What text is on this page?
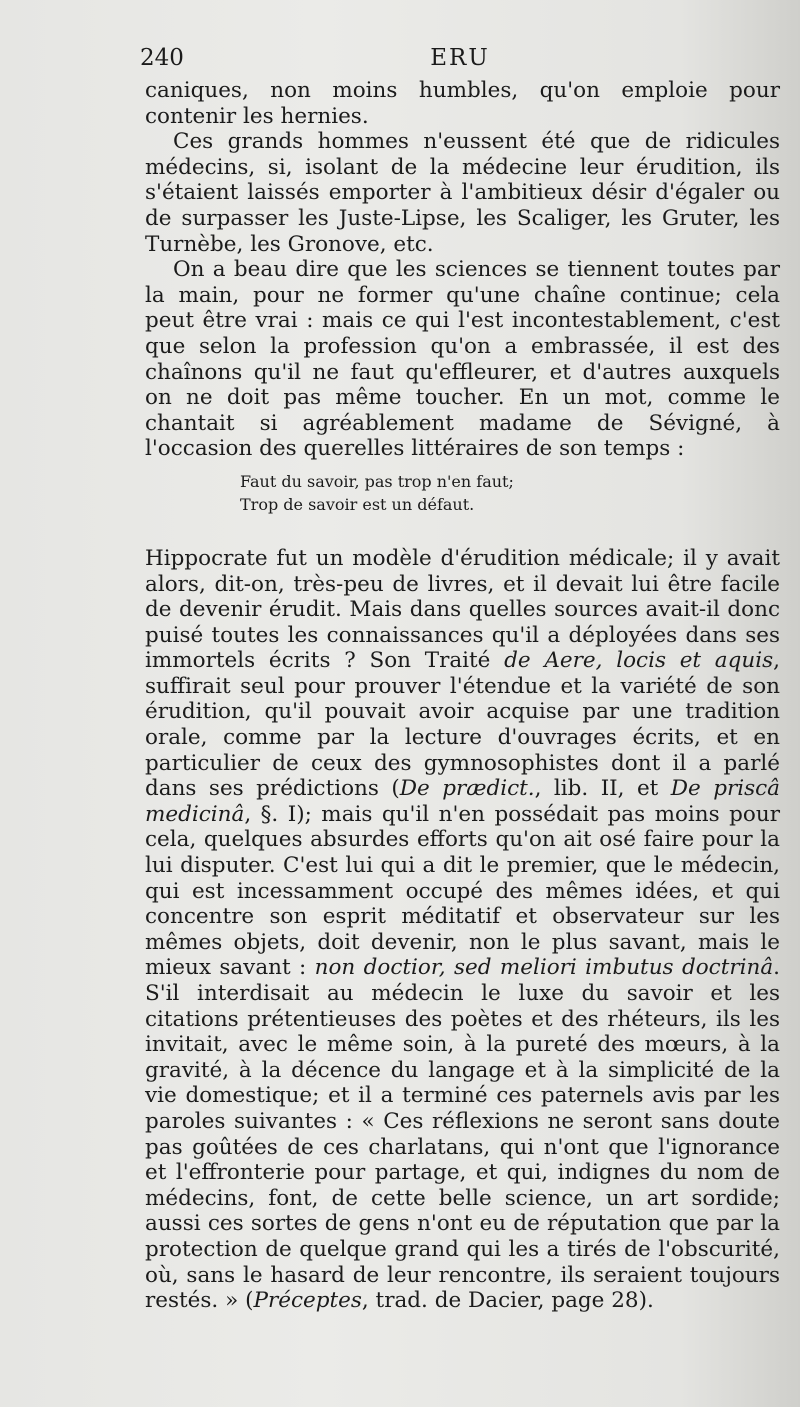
240	ERU

caniques, non moins humbles, qu'on emploie pour contenir les hernies.

Ces grands hommes n'eussent été que de ridicules médecins, si, isolant de la médecine leur érudition, ils s'étaient laissés emporter à l'ambitieux désir d'égaler ou de surpasser les Juste-Lipse, les Scaliger, les Gruter, les Turnèbe, les Gronove, etc.

On a beau dire que les sciences se tiennent toutes par la main, pour ne former qu'une chaîne continue; cela peut être vrai : mais ce qui l'est incontestablement, c'est que selon la profession qu'on a embrassée, il est des chaînons qu'il ne faut qu'effleurer, et d'autres auxquels on ne doit pas même toucher. En un mot, comme le chantait si agréablement madame de Sévigné, à l'occasion des querelles littéraires de son temps :

Faut du savoir, pas trop n'en faut;
Trop de savoir est un défaut.

Hippocrate fut un modèle d'érudition médicale; il y avait alors, dit-on, très-peu de livres, et il devait lui être facile de devenir érudit. Mais dans quelles sources avait-il donc puisé toutes les connaissances qu'il a déployées dans ses immortels écrits ? Son Traité de Aere, locis et aquis, suffirait seul pour prouver l'étendue et la variété de son érudition, qu'il pouvait avoir acquise par une tradition orale, comme par la lecture d'ouvrages écrits, et en particulier de ceux des gymnosophistes dont il a parlé dans ses prédictions (De prædict., lib. II, et De priscâ medicinâ, §. I); mais qu'il n'en possédait pas moins pour cela, quelques absurdes efforts qu'on ait osé faire pour la lui disputer. C'est lui qui a dit le premier, que le médecin, qui est incessamment occupé des mêmes idées, et qui concentre son esprit méditatif et observateur sur les mêmes objets, doit devenir, non le plus savant, mais le mieux savant : non doctior, sed meliori imbutus doctrinâ. S'il interdisait au médecin le luxe du savoir et les citations prétentieuses des poètes et des rhéteurs, ils les invitait, avec le même soin, à la pureté des mœurs, à la gravité, à la décence du langage et à la simplicité de la vie domestique; et il a terminé ces paternels avis par les paroles suivantes : « Ces réflexions ne seront sans doute pas goûtées de ces charlatans, qui n'ont que l'ignorance et l'effronterie pour partage, et qui, indignes du nom de médecins, font, de cette belle science, un art sordide; aussi ces sortes de gens n'ont eu de réputation que par la protection de quelque grand qui les a tirés de l'obscurité, où, sans le hasard de leur rencontre, ils seraient toujours restés. » (Préceptes, trad. de Dacier, page 28).
